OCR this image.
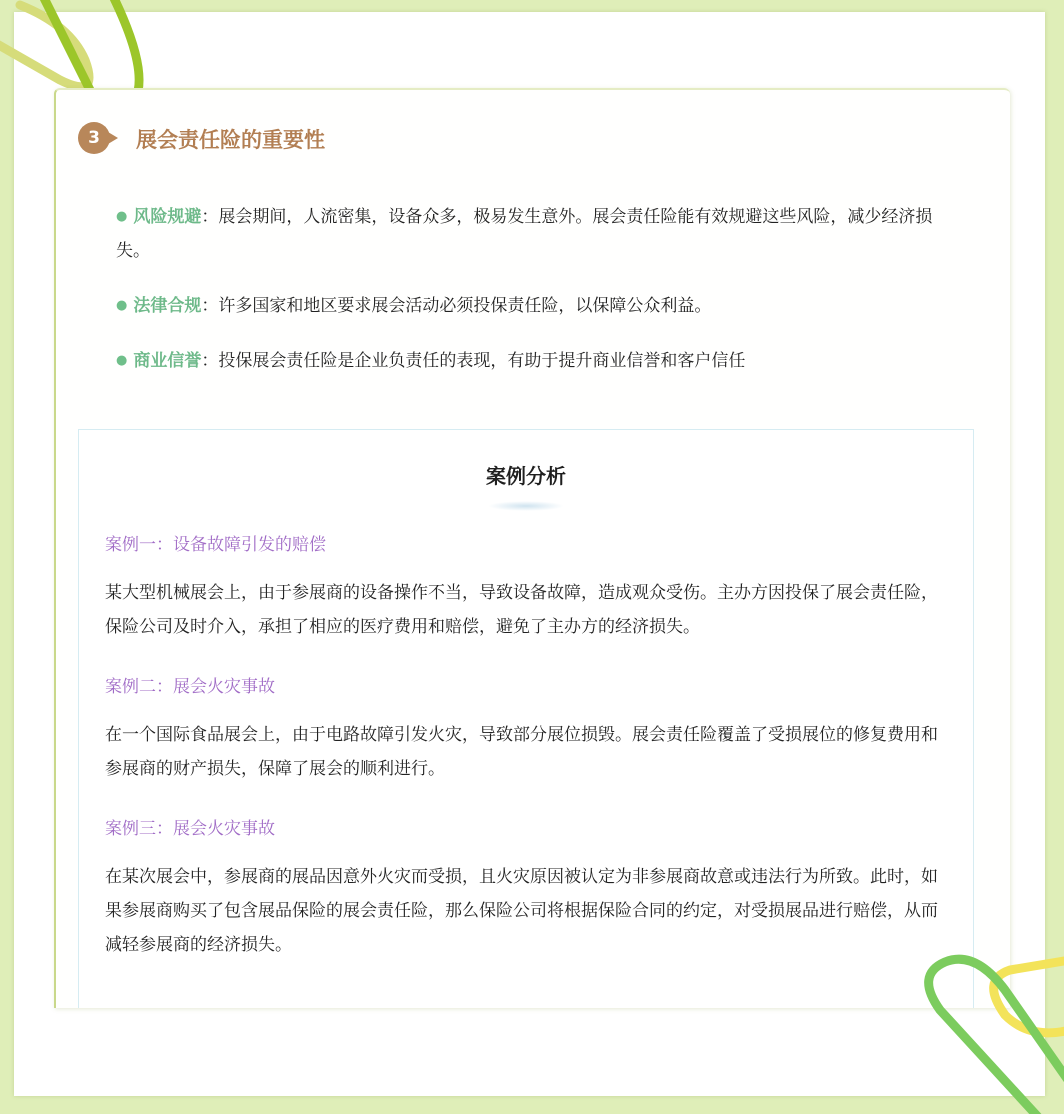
3	展会责任险的重要性
● 风险规避：展会期间，人流密集，设备众多，极易发生意外。展会责任险能有效规避这些风险，减少经济损失。
● 法律合规：许多国家和地区要求展会活动必须投保责任险，以保障公众利益。
● 商业信誉：投保展会责任险是企业负责任的表现，有助于提升商业信誉和客户信任
案例分析
案例一：设备故障引发的赔偿
某大型机械展会上，由于参展商的设备操作不当，导致设备故障，造成观众受伤。主办方因投保了展会责任险，保险公司及时介入，承担了相应的医疗费用和赔偿，避免了主办方的经济损失。
案例二：展会火灾事故
在一个国际食品展会上，由于电路故障引发火灾，导致部分展位损毁。展会责任险覆盖了受损展位的修复费用和参展商的财产损失，保障了展会的顺利进行。
案例三：展会火灾事故
在某次展会中，参展商的展品因意外火灾而受损，且火灾原因被认定为非参展商故意或违法行为所致。此时，如果参展商购买了包含展品保险的展会责任险，那么保险公司将根据保险合同的约定，对受损展品进行赔偿，从而减轻参展商的经济损失。
